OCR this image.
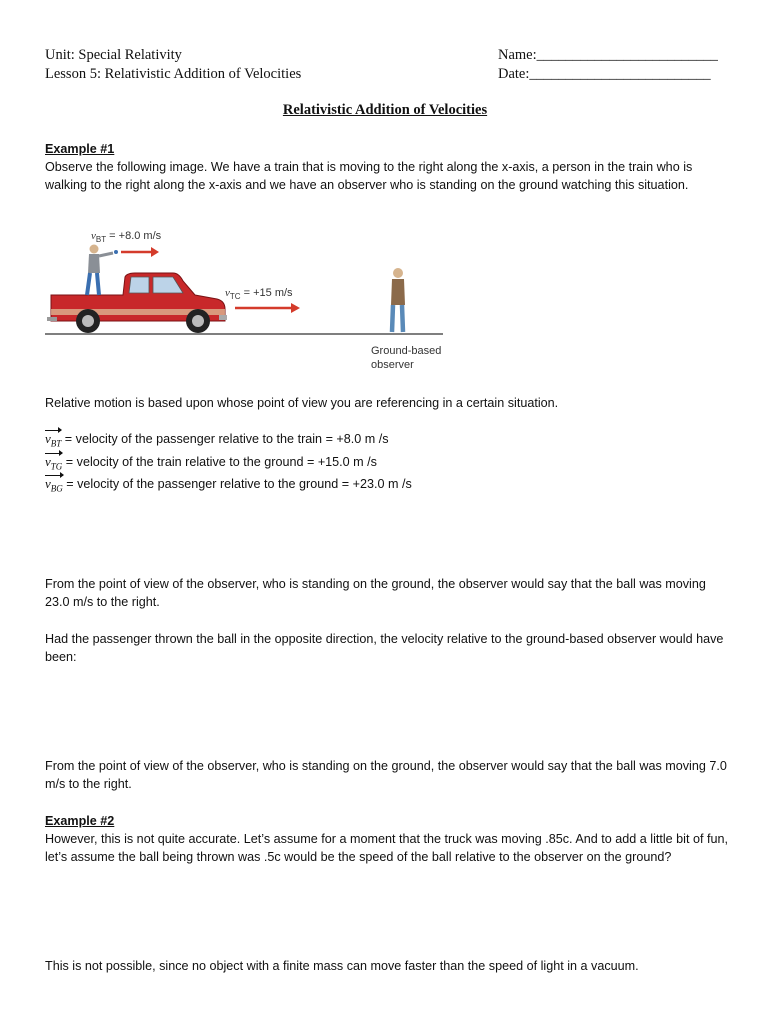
Unit: Special Relativity
Lesson 5: Relativistic Addition of Velocities
Name:_________________________
Date:_________________________
Relativistic Addition of Velocities
Example #1
Observe the following image. We have a train that is moving to the right along the x-axis, a person in the train who is walking to the right along the x-axis and we have an observer who is standing on the ground watching this situation.
$v_{BT} = +8.0$ m/s
$v_{TC} = +15$ m/s
Ground-based
observer
Relative motion is based upon whose point of view you are referencing in a certain situation.
$v_{BT}$ = velocity of the passenger relative to the train = +8.0 m /s
$v_{TG}$ = velocity of the train relative to the ground = +15.0 m /s
$v_{BG}$ = velocity of the passenger relative to the ground = +23.0 m /s
From the point of view of the observer, who is standing on the ground, the observer would say that the ball was moving 23.0 m/s to the right.
Had the passenger thrown the ball in the opposite direction, the velocity relative to the ground-based observer would have been:
From the point of view of the observer, who is standing on the ground, the observer would say that the ball was moving 7.0 m/s to the right.
Example #2
However, this is not quite accurate. Let’s assume for a moment that the truck was moving .85c. And to add a little bit of fun, let’s assume the ball being thrown was .5c would be the speed of the ball relative to the observer on the ground?
This is not possible, since no object with a finite mass can move faster than the speed of light in a vacuum.
